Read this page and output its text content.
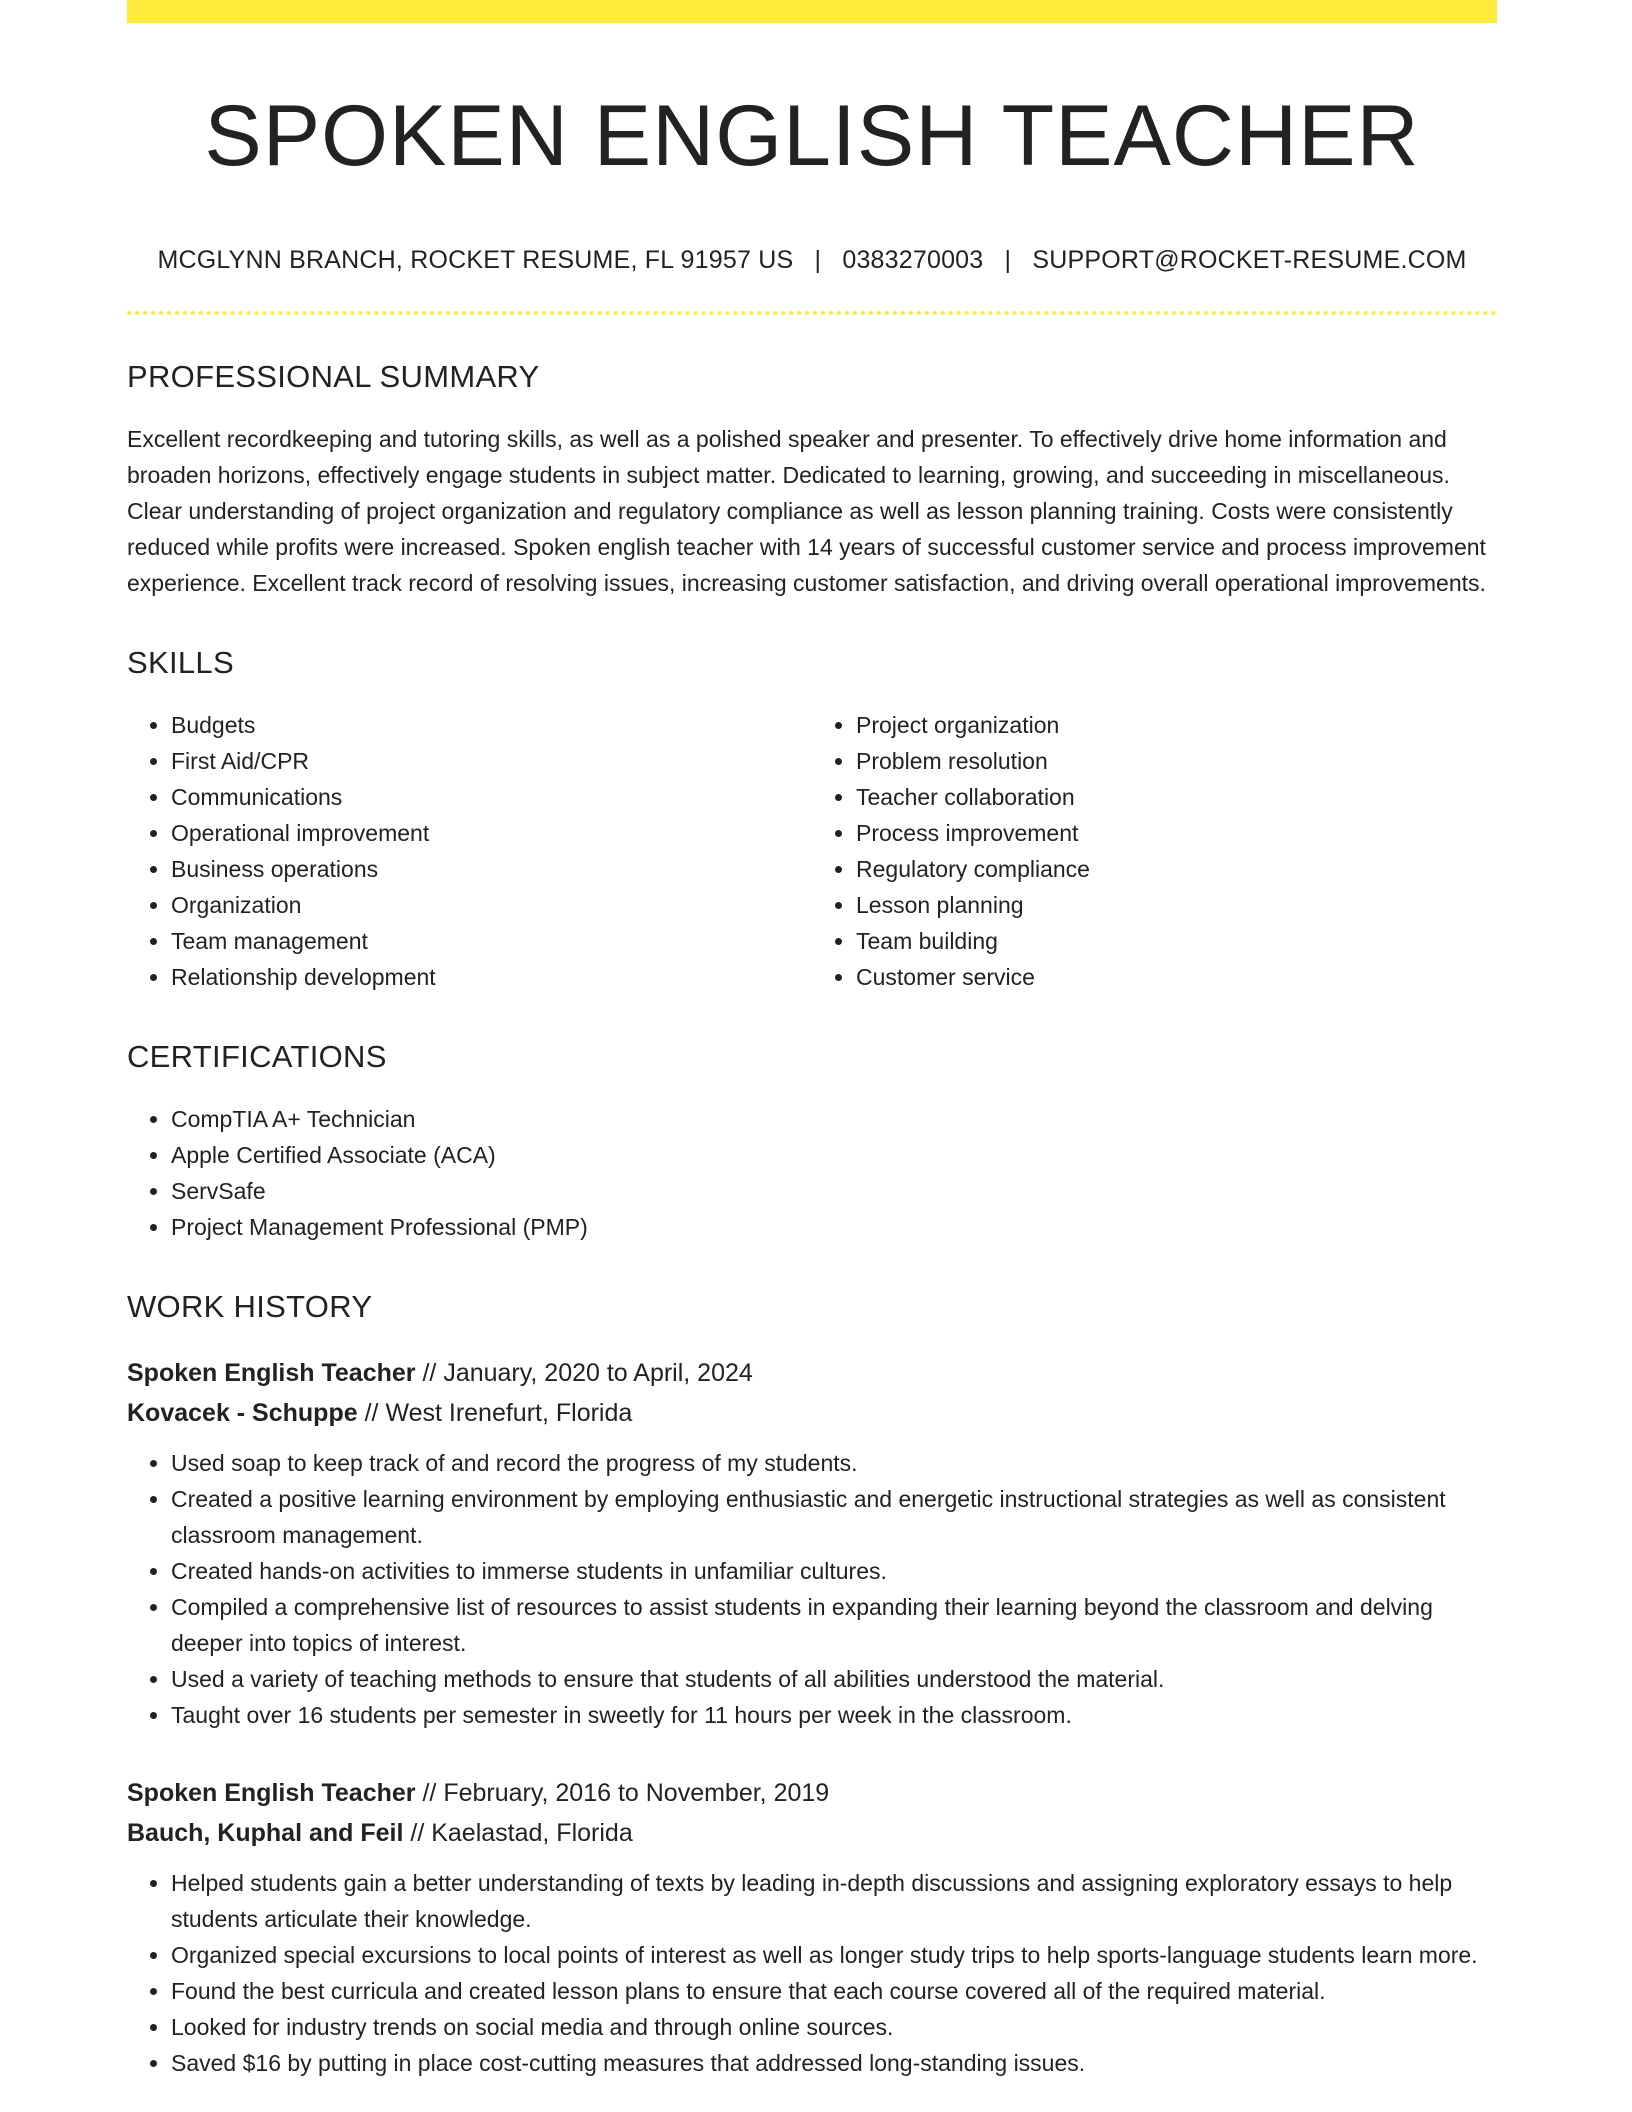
SPOKEN ENGLISH TEACHER
MCGLYNN BRANCH, ROCKET RESUME, FL 91957 US | 0383270003 | SUPPORT@ROCKET-RESUME.COM
PROFESSIONAL SUMMARY

Excellent recordkeeping and tutoring skills, as well as a polished speaker and presenter. To effectively drive home information and broaden horizons, effectively engage students in subject matter. Dedicated to learning, growing, and succeeding in miscellaneous. Clear understanding of project organization and regulatory compliance as well as lesson planning training. Costs were consistently reduced while profits were increased. Spoken english teacher with 14 years of successful customer service and process improvement experience. Excellent track record of resolving issues, increasing customer satisfaction, and driving overall operational improvements.

SKILLS
• Budgets
• First Aid/CPR
• Communications
• Operational improvement
• Business operations
• Organization
• Team management
• Relationship development
• Project organization
• Problem resolution
• Teacher collaboration
• Process improvement
• Regulatory compliance
• Lesson planning
• Team building
• Customer service
CERTIFICATIONS
• CompTIA A+ Technician
• Apple Certified Associate (ACA)
• ServSafe
• Project Management Professional (PMP)
WORK HISTORY
Spoken English Teacher // January, 2020 to April, 2024
Kovacek - Schuppe // West Irenefurt, Florida
• Used soap to keep track of and record the progress of my students.
• Created a positive learning environment by employing enthusiastic and energetic instructional strategies as well as consistent classroom management.
• Created hands-on activities to immerse students in unfamiliar cultures.
• Compiled a comprehensive list of resources to assist students in expanding their learning beyond the classroom and delving deeper into topics of interest.
• Used a variety of teaching methods to ensure that students of all abilities understood the material.
• Taught over 16 students per semester in sweetly for 11 hours per week in the classroom.
Spoken English Teacher // February, 2016 to November, 2019
Bauch, Kuphal and Feil // Kaelastad, Florida
• Helped students gain a better understanding of texts by leading in-depth discussions and assigning exploratory essays to help students articulate their knowledge.
• Organized special excursions to local points of interest as well as longer study trips to help sports-language students learn more.
• Found the best curricula and created lesson plans to ensure that each course covered all of the required material.
• Looked for industry trends on social media and through online sources.
• Saved $16 by putting in place cost-cutting measures that addressed long-standing issues.
